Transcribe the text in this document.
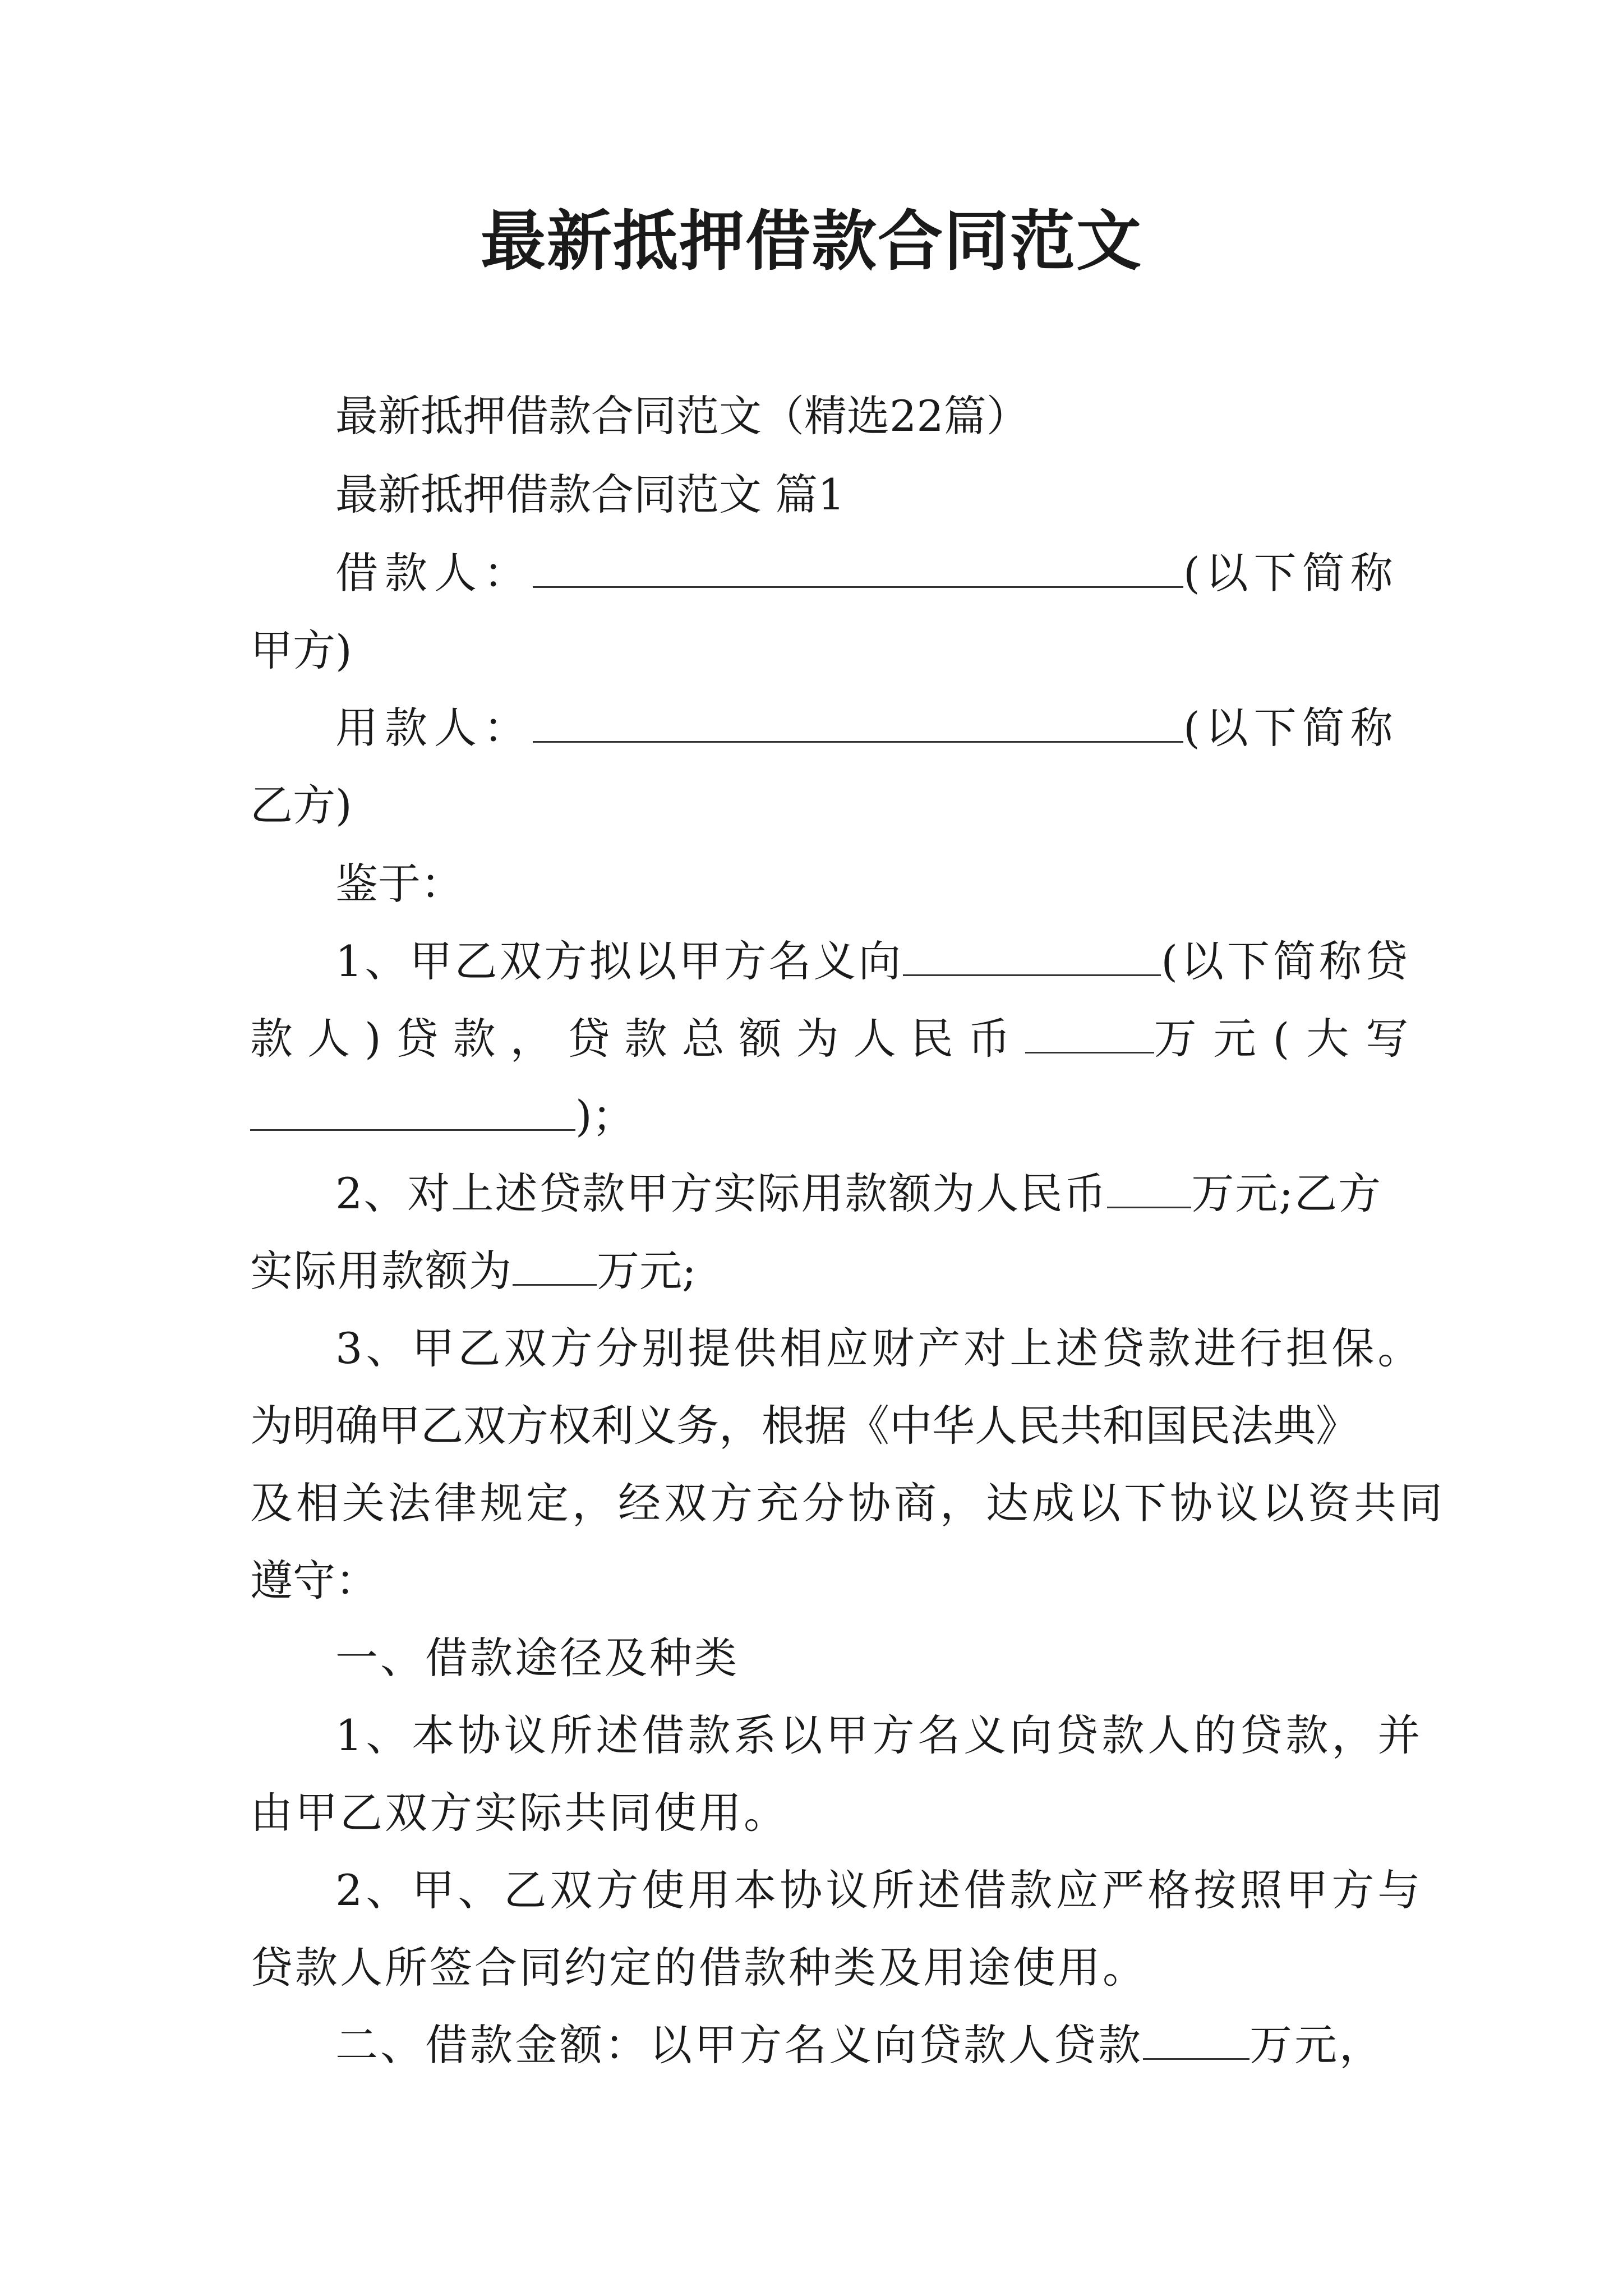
最新抵押借款合同范文
最新抵押借款合同范文（精选22篇）
最新抵押借款合同范文 篇1
借款人：	(以下简称
甲方)
用款人：	(以下简称
乙方)
鉴于：
1、甲乙双方拟以甲方名义向	(以下简称贷
款人)贷款，贷款总额为人民币	万元(大写
)；
2、对上述贷款甲方实际用款额为人民币 万元;乙方
实际用款额为 万元;
3、甲乙双方分别提供相应财产对上述贷款进行担保。
为明确甲乙双方权利义务，根据《中华人民共和国民法典》
及相关法律规定，经双方充分协商，达成以下协议以资共同
遵守：
一、借款途径及种类
1、本协议所述借款系以甲方名义向贷款人的贷款，并
由甲乙双方实际共同使用。
2、甲、乙双方使用本协议所述借款应严格按照甲方与
贷款人所签合同约定的借款种类及用途使用。
二、借款金额：以甲方名义向贷款人贷款	万元，
